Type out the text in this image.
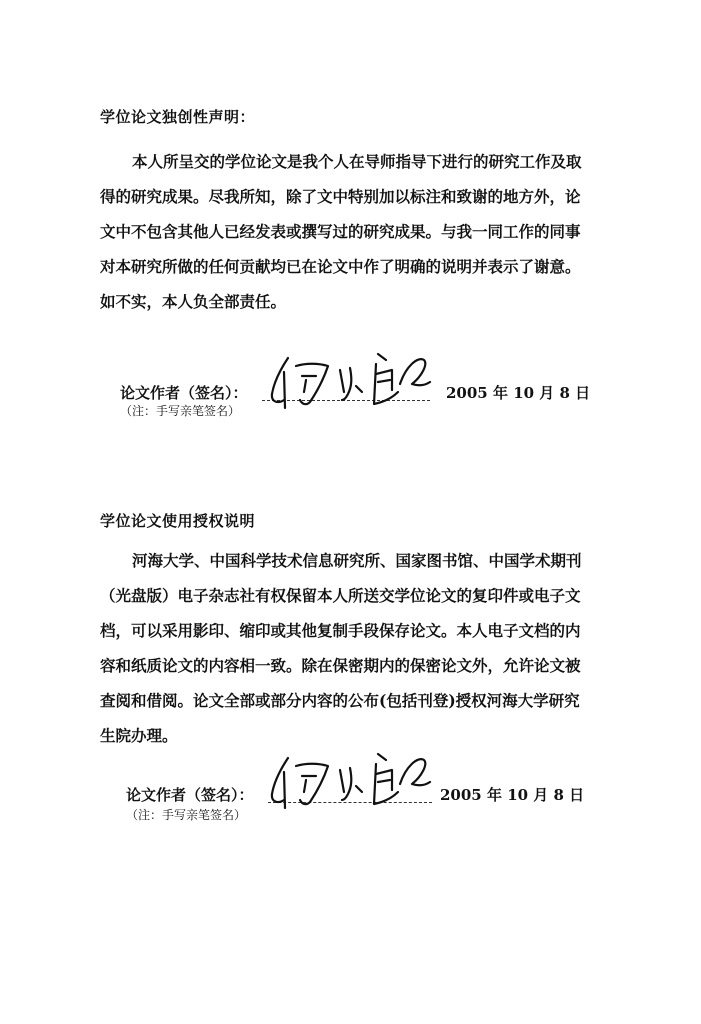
学位论文独创性声明：
本人所呈交的学位论文是我个人在导师指导下进行的研究工作及取
得的研究成果。尽我所知，除了文中特别加以标注和致谢的地方外，论
文中不包含其他人已经发表或撰写过的研究成果。与我一同工作的同事
对本研究所做的任何贡献均已在论文中作了明确的说明并表示了谢意。
如不实，本人负全部责任。
论文作者（签名）：
（注：手写亲笔签名）
2005 年 10 月 8 日
学位论文使用授权说明
河海大学、中国科学技术信息研究所、国家图书馆、中国学术期刊
（光盘版）电子杂志社有权保留本人所送交学位论文的复印件或电子文
档，可以采用影印、缩印或其他复制手段保存论文。本人电子文档的内
容和纸质论文的内容相一致。除在保密期内的保密论文外，允许论文被
查阅和借阅。论文全部或部分内容的公布(包括刊登)授权河海大学研究
生院办理。
论文作者（签名）：
（注：手写亲笔签名）
2005 年 10 月 8 日
